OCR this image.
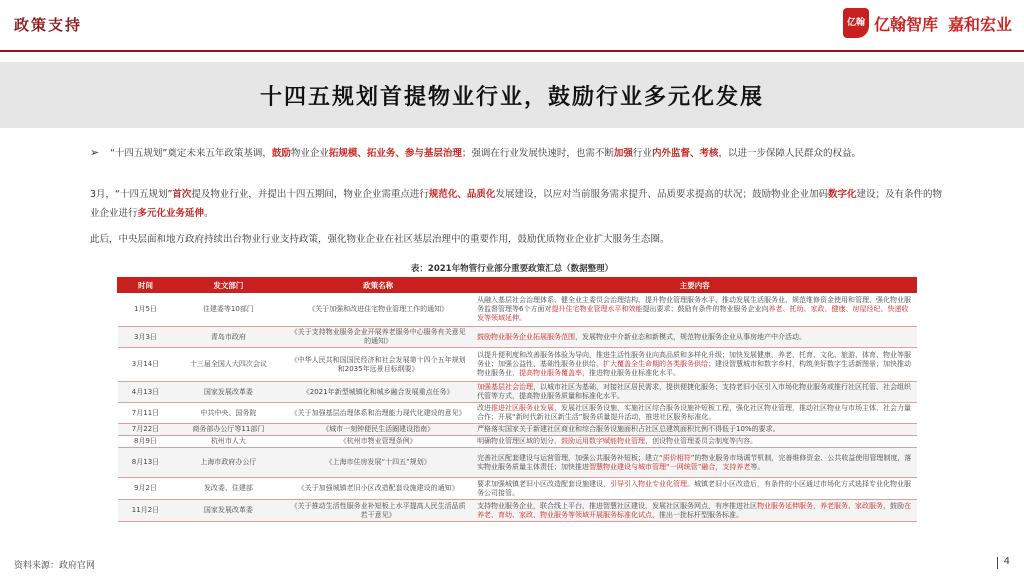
政策支持	亿翰 亿翰智库 嘉和宏业
十四五规划首提物业行业，鼓励行业多元化发展
➢	“十四五规划”奠定未来五年政策基调，鼓励物业企业拓规模、拓业务、参与基层治理；强调在行业发展快速时，也需不断加强行业内外监督、考核，以进一步保障人民群众的权益。
3月，“十四五规划”首次提及物业行业，并提出十四五期间，物业企业需重点进行规范化、品质化发展建设，以应对当前服务需求提升、品质要求提高的状况；鼓励物业企业加码数字化建设；及有条件的物业企业进行多元化业务延伸。
此后，中央层面和地方政府持续出台物业行业支持政策，强化物业企业在社区基层治理中的重要作用，鼓励优质物业企业扩大服务生态圈。
表：2021年物管行业部分重要政策汇总（数据整理）
时间	发文部门	政策名称	主要内容
1月5日	住建委等10部门	《关于加强和改进住宅物业管理工作的通知》	从融入基层社会治理体系、健全业主委员会治理结构、提升物业管理服务水平、推动发展生活服务业、规范维修资金使用和管理、强化物业服务监督管理等6个方面对提升住宅物业管理水平和效能提出要求；鼓励有条件的物业服务企业向养老、托幼、家政、健康、房屋经纪、快递收发等领域延伸。
3月3日	青岛市政府	《关于支持物业服务企业开展养老服务中心服务有关意见的通知》	鼓励物业服务企业拓展服务范围，发展物业中介新业态和新模式，规范物业服务企业从事房地产中介活动。
3月14日	十三届全国人大四次会议	《中华人民共和国国民经济和社会发展第十四个五年规划和2035年远景目标纲要》	以提升便利度和改善服务体验为导向，推进生活性服务业向高品质和多样化升级；加快发展健康、养老、托育、文化、旅游、体育、物业等服务业；加强公益性、基础性服务业供给，扩大覆盖全生命期的各类服务供给；建设智慧城市和数字乡村，构筑美好数字生活新图景；加快推动物业服务业，提高物业服务覆盖率，推进物业服务业标准化水平。
4月13日	国家发展改革委	《2021年新型城镇化和城乡融合发展重点任务》	加强基层社会治理，以城市社区为基础，对接社区居民需求，提供便捷化服务；支持老旧小区引入市场化物业服务或推行社区托管、社会组织代管等方式，提高物业服务质量和标准化水平。
7月11日	中共中央、国务院	《关于加强基层治理体系和治理能力现代化建设的意见》	改进推进社区服务业发展，发展社区服务设施，实施社区综合服务设施补短板工程，强化社区物业管理，推动社区物业与市场主体、社会力量合作；开展“新时代新社区新生活”服务质量提升活动，推进社区服务标准化。
7月22日	商务部办公厅等11部门	《城市一刻钟便民生活圈建设指南》	严格落实国家关于新建社区商业和综合服务设施面积占社区总建筑面积比例不得低于10%的要求。
8月9日	杭州市人大	《杭州市物业管理条例》	明确物业管理区域的划分，鼓励运用数字赋能物业管理，创设物业管理委员会制度等内容。
8月13日	上海市政府办公厅	《上海市住房发展“十四五”规划》	完善社区配套建设与运营管理，加强公共服务补短板；建立“质价相符”的物业服务市场调节机制，完善维修资金、公共收益使用管理制度，落实物业服务质量主体责任；加快推进智慧物业建设与城市管理“一网统管”融合，支持养老等。
9月2日	发改委、住建部	《关于加强城镇老旧小区改造配套设施建设的通知》	要求加强城镇老旧小区改造配套设施建设，引导引入物业专业化管理。城镇老旧小区改造后，有条件的小区通过市场化方式选择专业化物业服务公司接管。
11月2日	国家发展改革委	《关于推动生活性服务业补短板上水平提高人民生活品质若干意见》	支持物业服务企业，联合线上平台，推进智慧社区建设，发展社区服务网点，有序推进社区物业服务延伸服务，养老服务、家政服务，鼓励在养老、育幼、家政、物业服务等领域开展服务标准化试点，推出一批标杆型服务标准。
资料来源：政府官网	4
